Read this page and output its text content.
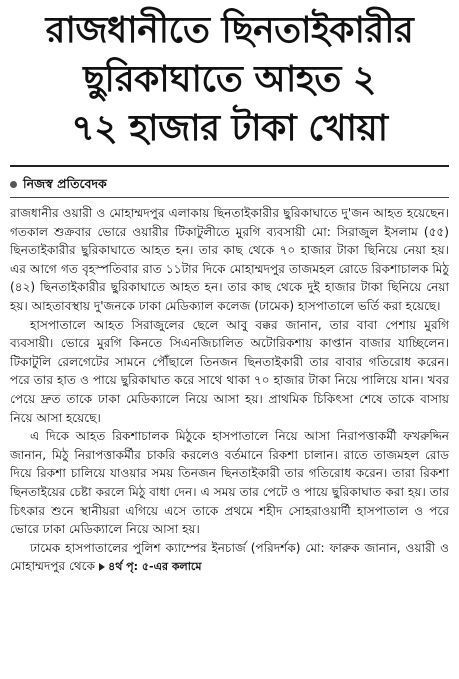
রাজধানীতে ছিনতাইকারীর
ছুরিকাঘাতে আহত ২
৭২ হাজার টাকা খোয়া
নিজস্ব প্রতিবেদক

রাজধানীর ওয়ারী ও মোহাম্মদপুর এলাকায় ছিনতাইকারীর ছুরিকাঘাতে দু'জন আহত হয়েছেন। গতকাল শুক্রবার ভোরে ওয়ারীর টিকাটুলীতে মুরগি ব্যবসায়ী মো: সিরাজুল ইসলাম (৫৫) ছিনতাইকারীর ছুরিকাঘাতে আহত হন। তার কাছ থেকে ৭০ হাজার টাকা ছিনিয়ে নেয়া হয়। এর আগে গত বৃহস্পতিবার রাত ১১টার দিকে মোহাম্মদপুর তাজমহল রোডে রিকশাচালক মিঠু (৪২) ছিনতাইকারীর ছুরিকাঘাতে আহত হন। তার কাছ থেকে দুই হাজার টাকা ছিনিয়ে নেয়া হয়। আহতাবস্থায় দু'জনকে ঢাকা মেডিক্যাল কলেজ (ঢামেক) হাসপাতালে ভর্তি করা হয়েছে।

হাসপাতালে আহত সিরাজুলের ছেলে আবু বক্কর জানান, তার বাবা পেশায় মুরগি ব্যবসায়ী। ভোরে মুরগি কিনতে সিএনজিচালিত অটোরিকশায় কাপ্তান বাজার যাচ্ছিলেন। টিকাটুলি রেলগেটের সামনে পৌঁছালে তিনজন ছিনতাইকারী তার বাবার গতিরোধ করেন। পরে তার হাত ও পায়ে ছুরিকাঘাত করে সাথে থাকা ৭০ হাজার টাকা নিয়ে পালিয়ে যান। খবর পেয়ে দ্রুত তাকে ঢাকা মেডিক্যালে নিয়ে আসা হয়। প্রাথমিক চিকিৎসা শেষে তাকে বাসায় নিয়ে আসা হয়েছে।

এ দিকে আহত রিকশাচালক মিঠুকে হাসপাতালে নিয়ে আসা নিরাপত্তাকর্মী ফখরুদ্দিন জানান, মিঠু নিরাপত্তাকর্মীর চাকরি করলেও বর্তমানে রিকশা চালান। রাতে তাজমহল রোড দিয়ে রিকশা চালিয়ে যাওয়ার সময় তিনজন ছিনতাইকারী তার গতিরোধ করেন। তারা রিকশা ছিনতাইয়ের চেষ্টা করলে মিঠু বাধা দেন। এ সময় তার পেটে ও পায়ে ছুরিকাঘাত করা হয়। তার চিৎকার শুনে স্থানীয়রা এগিয়ে এসে তাকে প্রথমে শহীদ সোহরাওয়ার্দী হাসপাতাল ও পরে ভোরে ঢাকা মেডিক্যালে নিয়ে আসা হয়।

ঢামেক হাসপাতালের পুলিশ ক্যাম্পের ইনচার্জ (পরিদর্শক) মো: ফারুক জানান, ওয়ারী ও মোহাম্মদপুর থেকে ৪র্থ পৃ: ৫-এর কলামে
